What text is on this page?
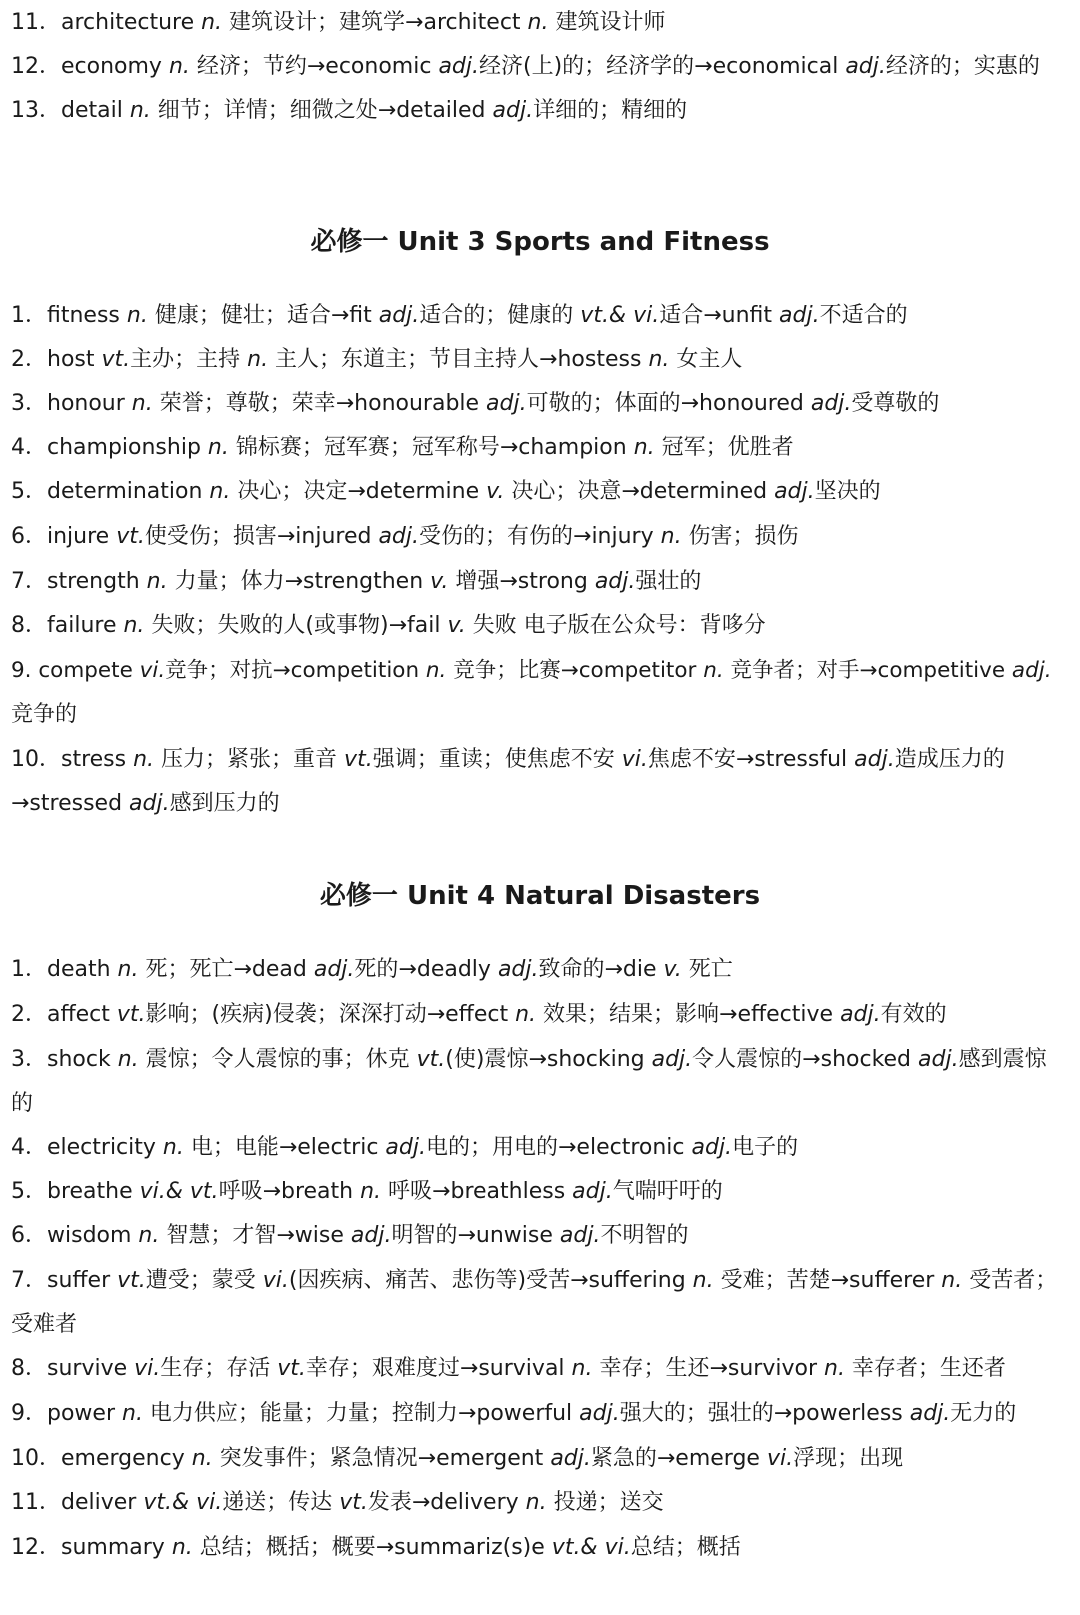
11．architecture n. 建筑设计；建筑学→architect n. 建筑设计师
12．economy n. 经济；节约→economic adj.经济(上)的；经济学的→economical adj.经济的；实惠的
13．detail n. 细节；详情；细微之处→detailed adj.详细的；精细的
必修一 Unit 3 Sports and Fitness
1．fitness n. 健康；健壮；适合→fit adj.适合的；健康的 vt.& vi.适合→unfit adj.不适合的
2．host vt.主办；主持 n. 主人；东道主；节目主持人→hostess n. 女主人
3．honour n. 荣誉；尊敬；荣幸→honourable adj.可敬的；体面的→honoured adj.受尊敬的
4．championship n. 锦标赛；冠军赛；冠军称号→champion n. 冠军；优胜者
5．determination n. 决心；决定→determine v. 决心；决意→determined adj.坚决的
6．injure vt.使受伤；损害→injured adj.受伤的；有伤的→injury n. 伤害；损伤
7．strength n. 力量；体力→strengthen v. 增强→strong adj.强壮的
8．failure n. 失败；失败的人(或事物)→fail v. 失败 电子版在公众号：背哆分
9. compete vi.竞争；对抗→competition n. 竞争；比赛→competitor n. 竞争者；对手→competitive adj.
竞争的
10．stress n. 压力；紧张；重音 vt.强调；重读；使焦虑不安 vi.焦虑不安→stressful adj.造成压力的
→stressed adj.感到压力的
必修一 Unit 4 Natural Disasters
1．death n. 死；死亡→dead adj.死的→deadly adj.致命的→die v. 死亡
2．affect vt.影响；(疾病)侵袭；深深打动→effect n. 效果；结果；影响→effective adj.有效的
3．shock n. 震惊；令人震惊的事；休克 vt.(使)震惊→shocking adj.令人震惊的→shocked adj.感到震惊
的
4．electricity n. 电；电能→electric adj.电的；用电的→electronic adj.电子的
5．breathe vi.& vt.呼吸→breath n. 呼吸→breathless adj.气喘吁吁的
6．wisdom n. 智慧；才智→wise adj.明智的→unwise adj.不明智的
7．suffer vt.遭受；蒙受 vi.(因疾病、痛苦、悲伤等)受苦→suffering n. 受难；苦楚→sufferer n. 受苦者；
受难者
8．survive vi.生存；存活 vt.幸存；艰难度过→survival n. 幸存；生还→survivor n. 幸存者；生还者
9．power n. 电力供应；能量；力量；控制力→powerful adj.强大的；强壮的→powerless adj.无力的
10．emergency n. 突发事件；紧急情况→emergent adj.紧急的→emerge vi.浮现；出现
11．deliver vt.& vi.递送；传达 vt.发表→delivery n. 投递；送交
12．summary n. 总结；概括；概要→summariz(s)e vt.& vi.总结；概括
